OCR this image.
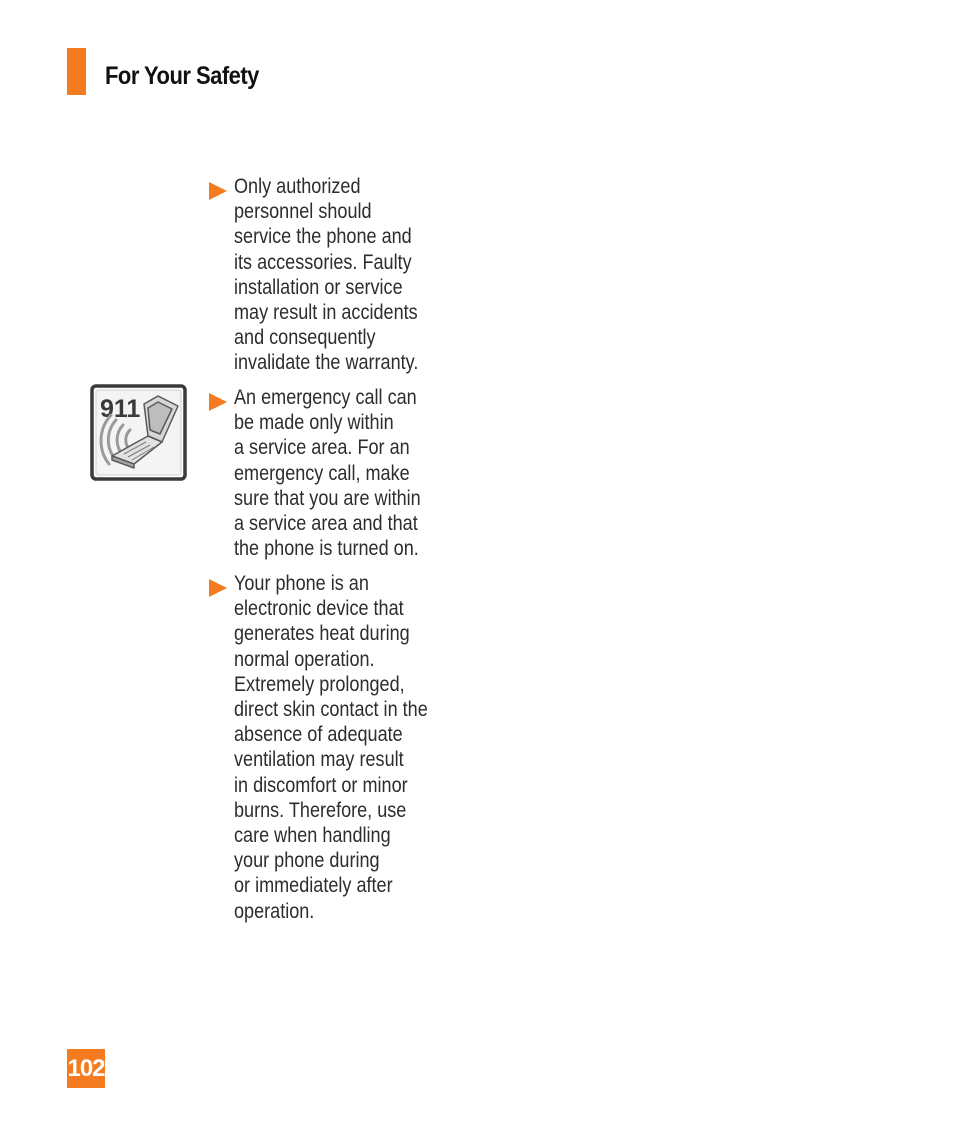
For Your Safety
Only authorized
personnel should
service the phone and
its accessories. Faulty
installation or service
may result in accidents
and consequently
invalidate the warranty.
911	An emergency call can
be made only within
a service area. For an
emergency call, make
sure that you are within
a service area and that
the phone is turned on.
Your phone is an
electronic device that
generates heat during
normal operation.
Extremely prolonged,
direct skin contact in the
absence of adequate
ventilation may result
in discomfort or minor
burns. Therefore, use
care when handling
your phone during
or immediately after
operation.
102
